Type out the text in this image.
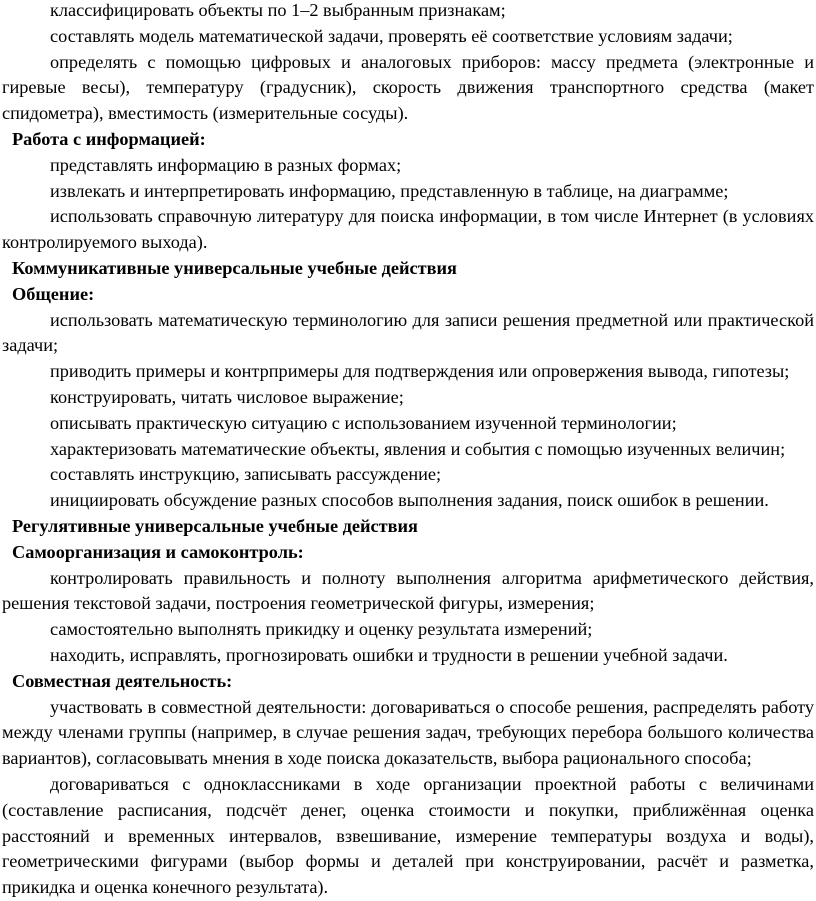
классифицировать объекты по 1–2 выбранным признакам;

составлять модель математической задачи, проверять её соответствие условиям задачи;

определять с помощью цифровых и аналоговых приборов: массу предмета (электронные и гиревые весы), температуру (градусник), скорость движения транспортного средства (макет спидометра), вместимость (измерительные сосуды).

Работа с информацией:

представлять информацию в разных формах;

извлекать и интерпретировать информацию, представленную в таблице, на диаграмме;

использовать справочную литературу для поиска информации, в том числе Интернет (в условиях контролируемого выхода).

Коммуникативные универсальные учебные действия

Общение:

использовать математическую терминологию для записи решения предметной или практической задачи;

приводить примеры и контрпримеры для подтверждения или опровержения вывода, гипотезы;

конструировать, читать числовое выражение;

описывать практическую ситуацию с использованием изученной терминологии;

характеризовать математические объекты, явления и события с помощью изученных величин;

составлять инструкцию, записывать рассуждение;

инициировать обсуждение разных способов выполнения задания, поиск ошибок в решении.

Регулятивные универсальные учебные действия

Самоорганизация и самоконтроль:

контролировать правильность и полноту выполнения алгоритма арифметического действия, решения текстовой задачи, построения геометрической фигуры, измерения;

самостоятельно выполнять прикидку и оценку результата измерений;

находить, исправлять, прогнозировать ошибки и трудности в решении учебной задачи.

Совместная деятельность:

участвовать в совместной деятельности: договариваться о способе решения, распределять работу между членами группы (например, в случае решения задач, требующих перебора большого количества вариантов), согласовывать мнения в ходе поиска доказательств, выбора рационального способа;

договариваться с одноклассниками в ходе организации проектной работы с величинами (составление расписания, подсчёт денег, оценка стоимости и покупки, приближённая оценка расстояний и временных интервалов, взвешивание, измерение температуры воздуха и воды), геометрическими фигурами (выбор формы и деталей при конструировании, расчёт и разметка, прикидка и оценка конечного результата).
